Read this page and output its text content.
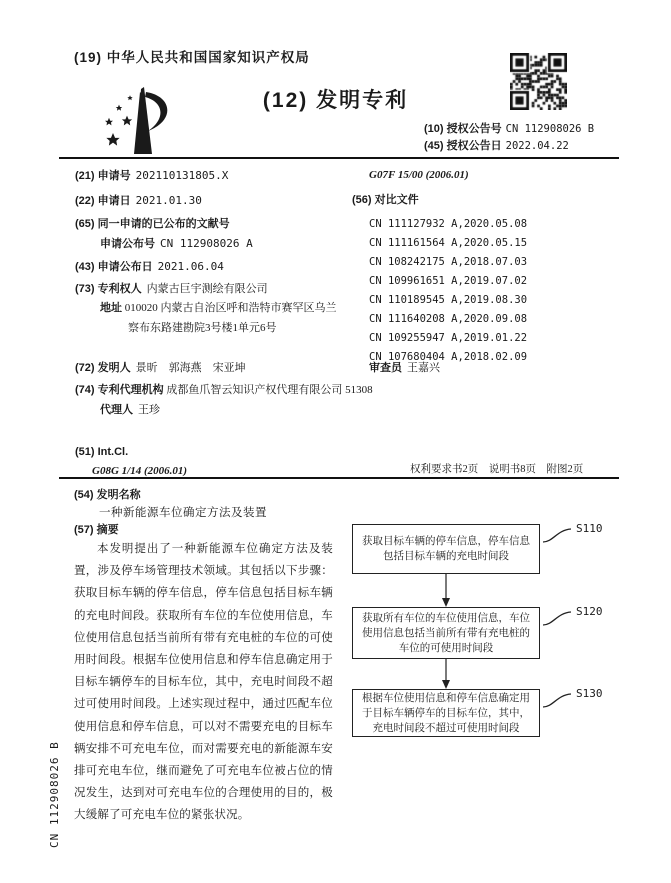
(19) 中华人民共和国国家知识产权局
(12) 发明专利
(10) 授权公告号 CN 112908026 B
(45) 授权公告日 2022.04.22
(21) 申请号 202110131805.X
(22) 申请日 2021.01.30
(65) 同一申请的已公布的文献号
申请公布号 CN 112908026 A
(43) 申请公布日 2021.06.04
(73) 专利权人 内蒙古巨宇测绘有限公司
地址 010020 内蒙古自治区呼和浩特市赛罕区乌兰察布东路建勘院3号楼1单元6号
(72) 发明人 景昕　郭海燕　宋亚坤
(74) 专利代理机构 成都鱼爪智云知识产权代理有限公司 51308
代理人 王珍
(51) Int.Cl.
G08G 1/14 (2006.01)
G07F 15/00 (2006.01)
(56) 对比文件
CN 111127932 A,2020.05.08
CN 111161564 A,2020.05.15
CN 108242175 A,2018.07.03
CN 109961651 A,2019.07.02
CN 110189545 A,2019.08.30
CN 111640208 A,2020.09.08
CN 109255947 A,2019.01.22
CN 107680404 A,2018.02.09
审查员 王嘉兴
权利要求书2页　说明书8页　附图2页
(54) 发明名称
一种新能源车位确定方法及装置
(57) 摘要
本发明提出了一种新能源车位确定方法及装置，涉及停车场管理技术领域。其包括以下步骤：获取目标车辆的停车信息，停车信息包括目标车辆的充电时间段。获取所有车位的车位使用信息，车位使用信息包括当前所有带有充电桩的车位的可使用时间段。根据车位使用信息和停车信息确定用于目标车辆停车的目标车位，其中，充电时间段不超过可使用时间段。上述实现过程中，通过匹配车位使用信息和停车信息，可以对不需要充电的目标车辆安排不可充电车位，而对需要充电的新能源车安排可充电车位，继而避免了可充电车位被占位的情况发生，达到对可充电车位的合理使用的目的，极大缓解了可充电车位的紧张状况。
获取目标车辆的停车信息，停车信息包括目标车辆的充电时间段
获取所有车位的车位使用信息，车位使用信息包括当前所有带有充电桩的车位的可使用时间段
根据车位使用信息和停车信息确定用于目标车辆停车的目标车位，其中，充电时间段不超过可使用时间段
S110
S120
S130
CN 112908026 B
